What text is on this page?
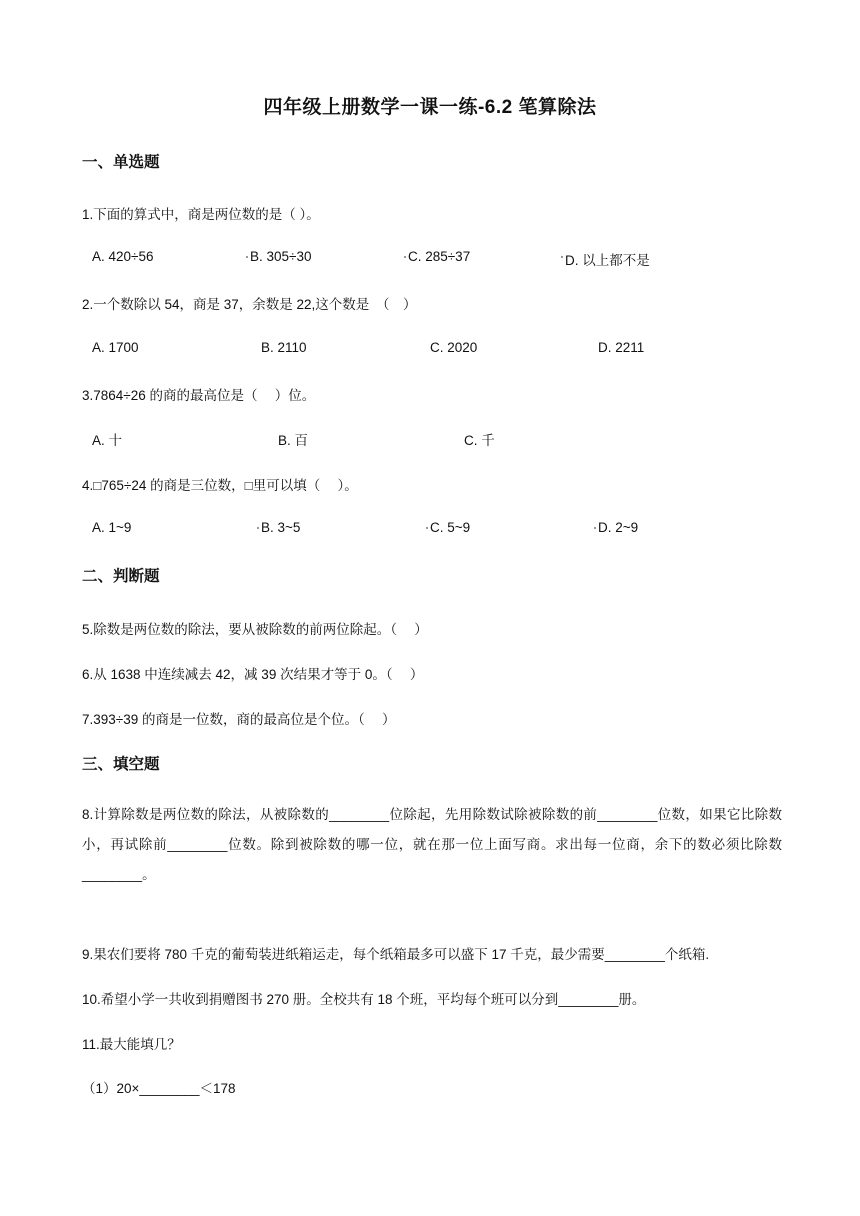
四年级上册数学一课一练-6.2 笔算除法
一、单选题
1.下面的算式中，商是两位数的是（ ）。
A. 420÷56	B. 305÷30	C. 285÷37	D. 以上都不是
2.一个数除以 54，商是 37，余数是 22,这个数是　（　）
A. 1700	B. 2110	C. 2020	D. 2211
3.7864÷26 的商的最高位是（　 ）位。
A. 十	B. 百	C. 千
4.□765÷24 的商是三位数，□里可以填（　 ）。
A. 1~9	B. 3~5	C. 5~9	D. 2~9
二、判断题
5.除数是两位数的除法，要从被除数的前两位除起。（　 ）
6.从 1638 中连续减去 42，减 39 次结果才等于 0。（　 ）
7.393÷39 的商是一位数，商的最高位是个位。（　 ）
三、填空题
8.计算除数是两位数的除法，从被除数的________位除起，先用除数试除被除数的前________位数，如果它比除数小，再试除前________位数。除到被除数的哪一位，就在那一位上面写商。求出每一位商，余下的数必须比除数________。
9.果农们要将 780 千克的葡萄装进纸箱运走，每个纸箱最多可以盛下 17 千克，最少需要________个纸箱.
10.希望小学一共收到捐赠图书 270 册。全校共有 18 个班，平均每个班可以分到________册。
11.最大能填几？
（1）20×________＜178
